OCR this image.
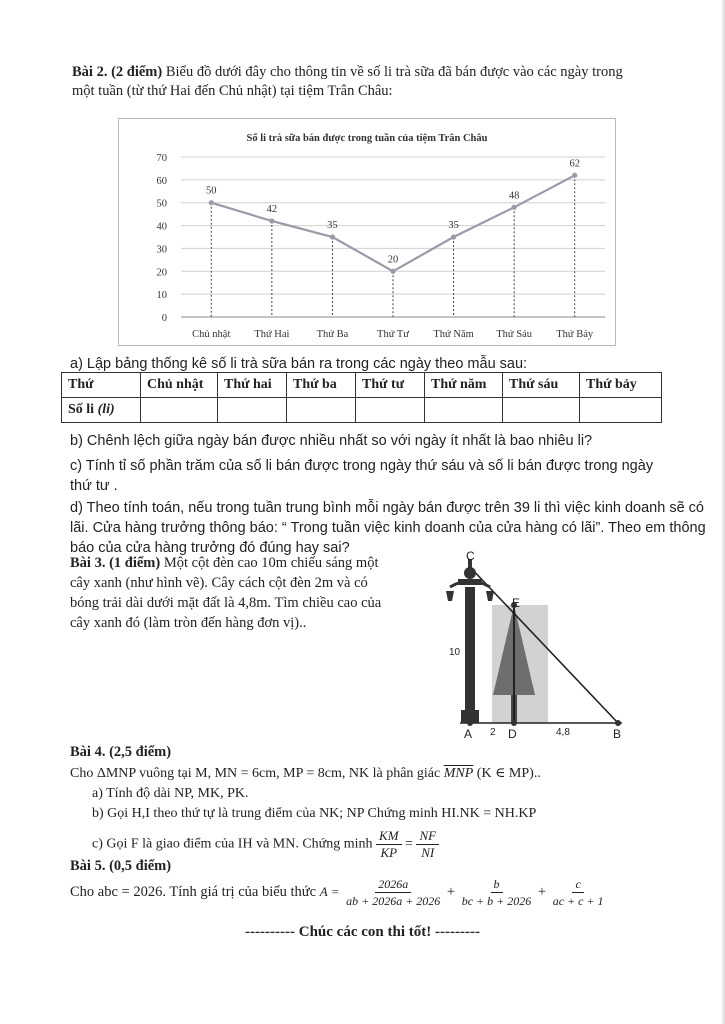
Bài 2. (2 điểm) Biểu đồ dưới đây cho thông tin về số li trà sữa đã bán được vào các ngày trong
một tuần (từ thứ Hai đến Chủ nhật) tại tiệm Trân Châu:
Số li trà sữa bán được trong tuần của tiệm Trân Châu
50
42
35
20
35
48
62
0
10
20
30
40
50
60
70
Chủ nhật Thứ Hai	Thứ Ba	Thứ Tư Thứ Năm Thứ Sáu Thứ Bảy
a) Lập bảng thống kê số li trà sữa bán ra trong các ngày theo mẫu sau:
Thứ	Chủ nhật	Thứ hai	Thứ ba	Thứ tư	Thứ năm	Thứ sáu	Thứ bảy
Số li (li)							
b) Chênh lệch giữa ngày bán được nhiều nhất so với ngày ít nhất là bao nhiêu li?
c) Tính tỉ số phần trăm của số li bán được trong ngày thứ sáu và số li bán được trong ngày
thứ tư .
d) Theo tính toán, nếu trong tuần trung bình mỗi ngày bán được trên 39 li thì việc kinh doanh sẽ có
lãi. Cửa hàng trưởng thông báo: “ Trong tuần việc kinh doanh của cửa hàng có lãi”. Theo em thông
báo của cửa hàng trưởng đó đúng hay sai?
Bài 3. (1 điểm) Một cột đèn cao 10m chiếu sáng một
cây xanh (như hình vẽ). Cây cách cột đèn 2m và có
bóng trải dài dưới mặt đất là 4,8m. Tìm chiều cao của
cây xanh đó (làm tròn đến hàng đơn vị)..
C
E
A	D	B
10
2	4,8
Bài 4. (2,5 điểm)
Cho ΔMNP vuông tại M, MN = 6cm, MP = 8cm, NK là phân giác $\overline{MNP}$ (K ∈ MP)..
a) Tính độ dài NP, MK, PK.
b) Gọi H,I theo thứ tự là trung điểm của NK; NP Chứng minh HI.NK = NH.KP
c) Gọi F là giao điểm của IH và MN. Chứng minh $\frac{KM}{KP} = \frac{NF}{NI}$
Bài 5. (0,5 điểm)
Cho abc = 2026. Tính giá trị của biểu thức $A = \frac{2026a}{ab + 2026a + 2026} + \frac{b}{bc + b + 2026} + \frac{c}{ac + c + 1}$
---------- Chúc các con thi tốt! ---------
